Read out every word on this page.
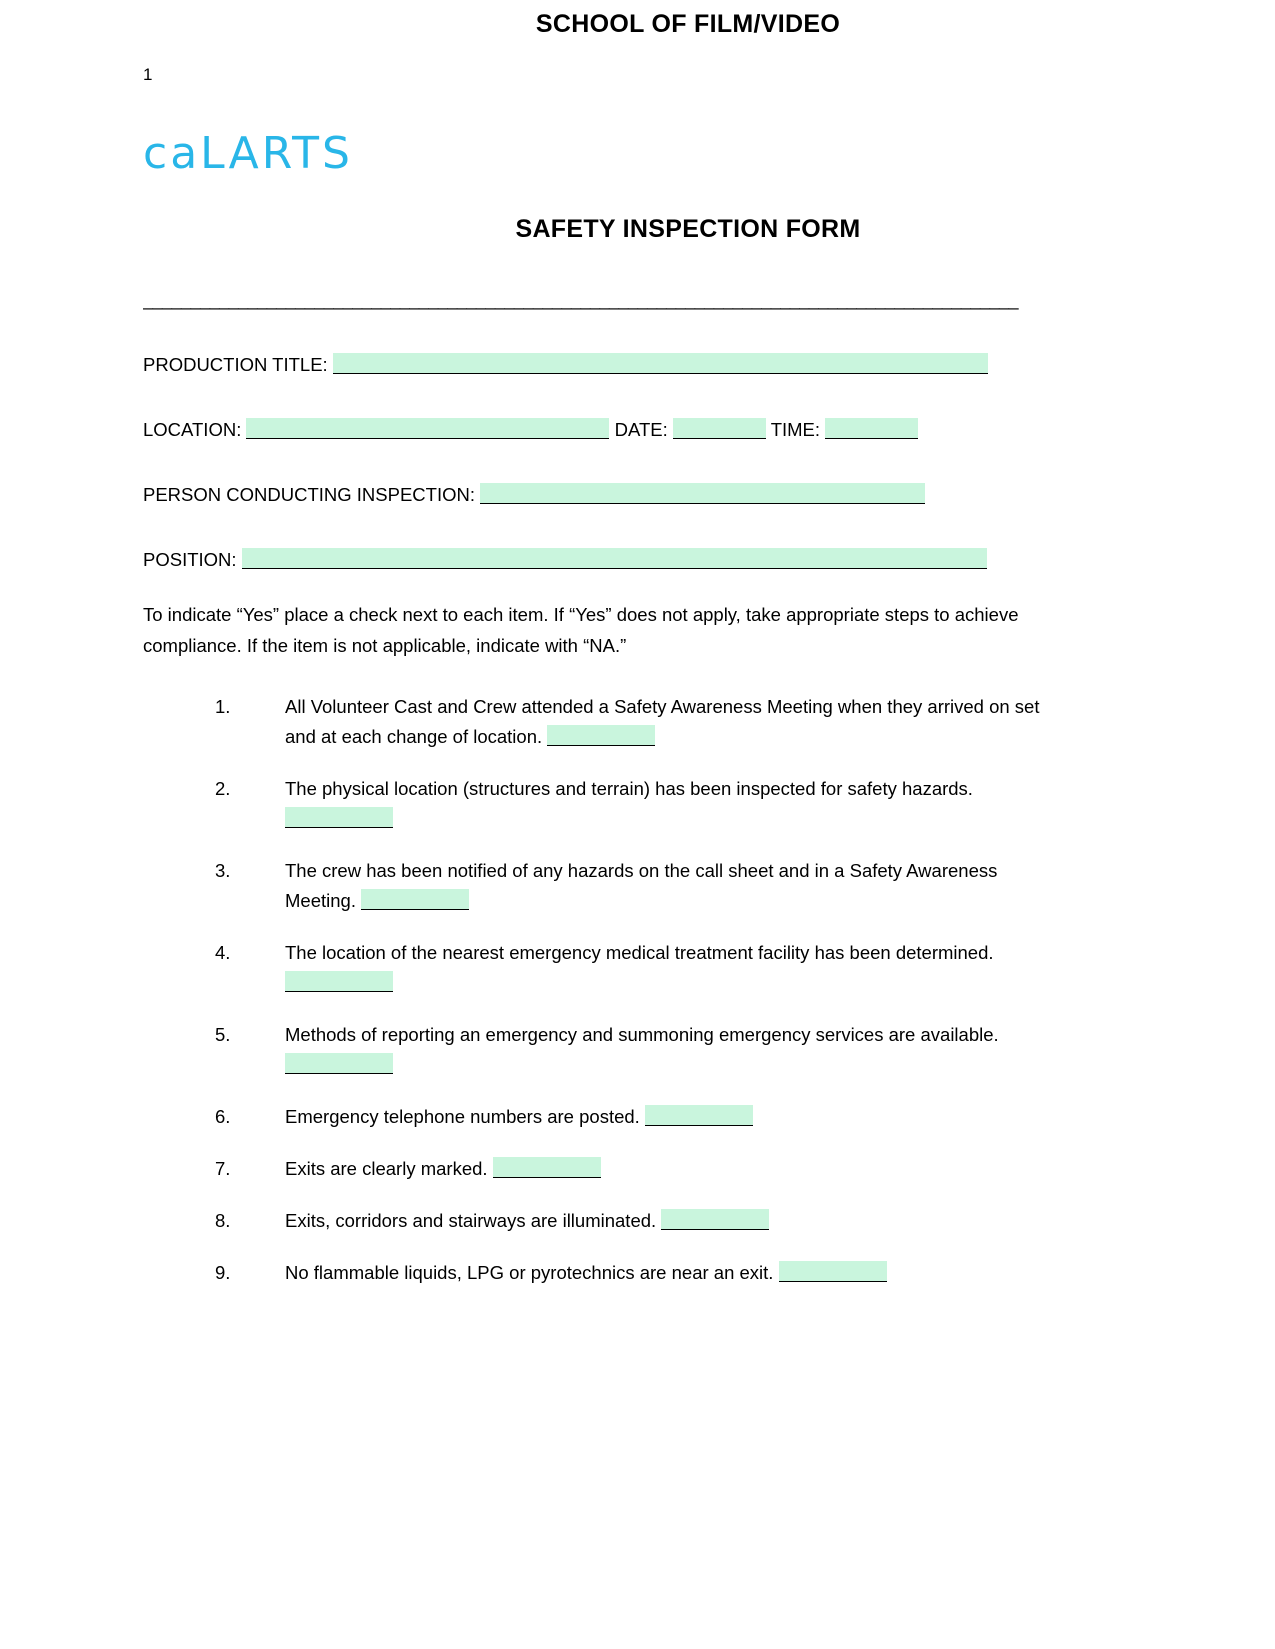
1
caLARTS
SCHOOL OF FILM/VIDEO
SAFETY INSPECTION FORM
____________________________________________________________________________________________
PRODUCTION TITLE:
LOCATION:	DATE:	TIME:
PERSON CONDUCTING INSPECTION:
POSITION:
To indicate “Yes” place a check next to each item. If “Yes” does not apply, take appropriate steps to achieve compliance. If the item is not applicable, indicate with “NA.”
1.	All Volunteer Cast and Crew attended a Safety Awareness Meeting when they arrived on set and at each change of location.
2.	The physical location (structures and terrain) has been inspected for safety hazards.
3.	The crew has been notified of any hazards on the call sheet and in a Safety Awareness Meeting.
4.	The location of the nearest emergency medical treatment facility has been determined.
5.	Methods of reporting an emergency and summoning emergency services are available.
6.	Emergency telephone numbers are posted.
7.	Exits are clearly marked.
8.	Exits, corridors and stairways are illuminated.
9.	No flammable liquids, LPG or pyrotechnics are near an exit.
